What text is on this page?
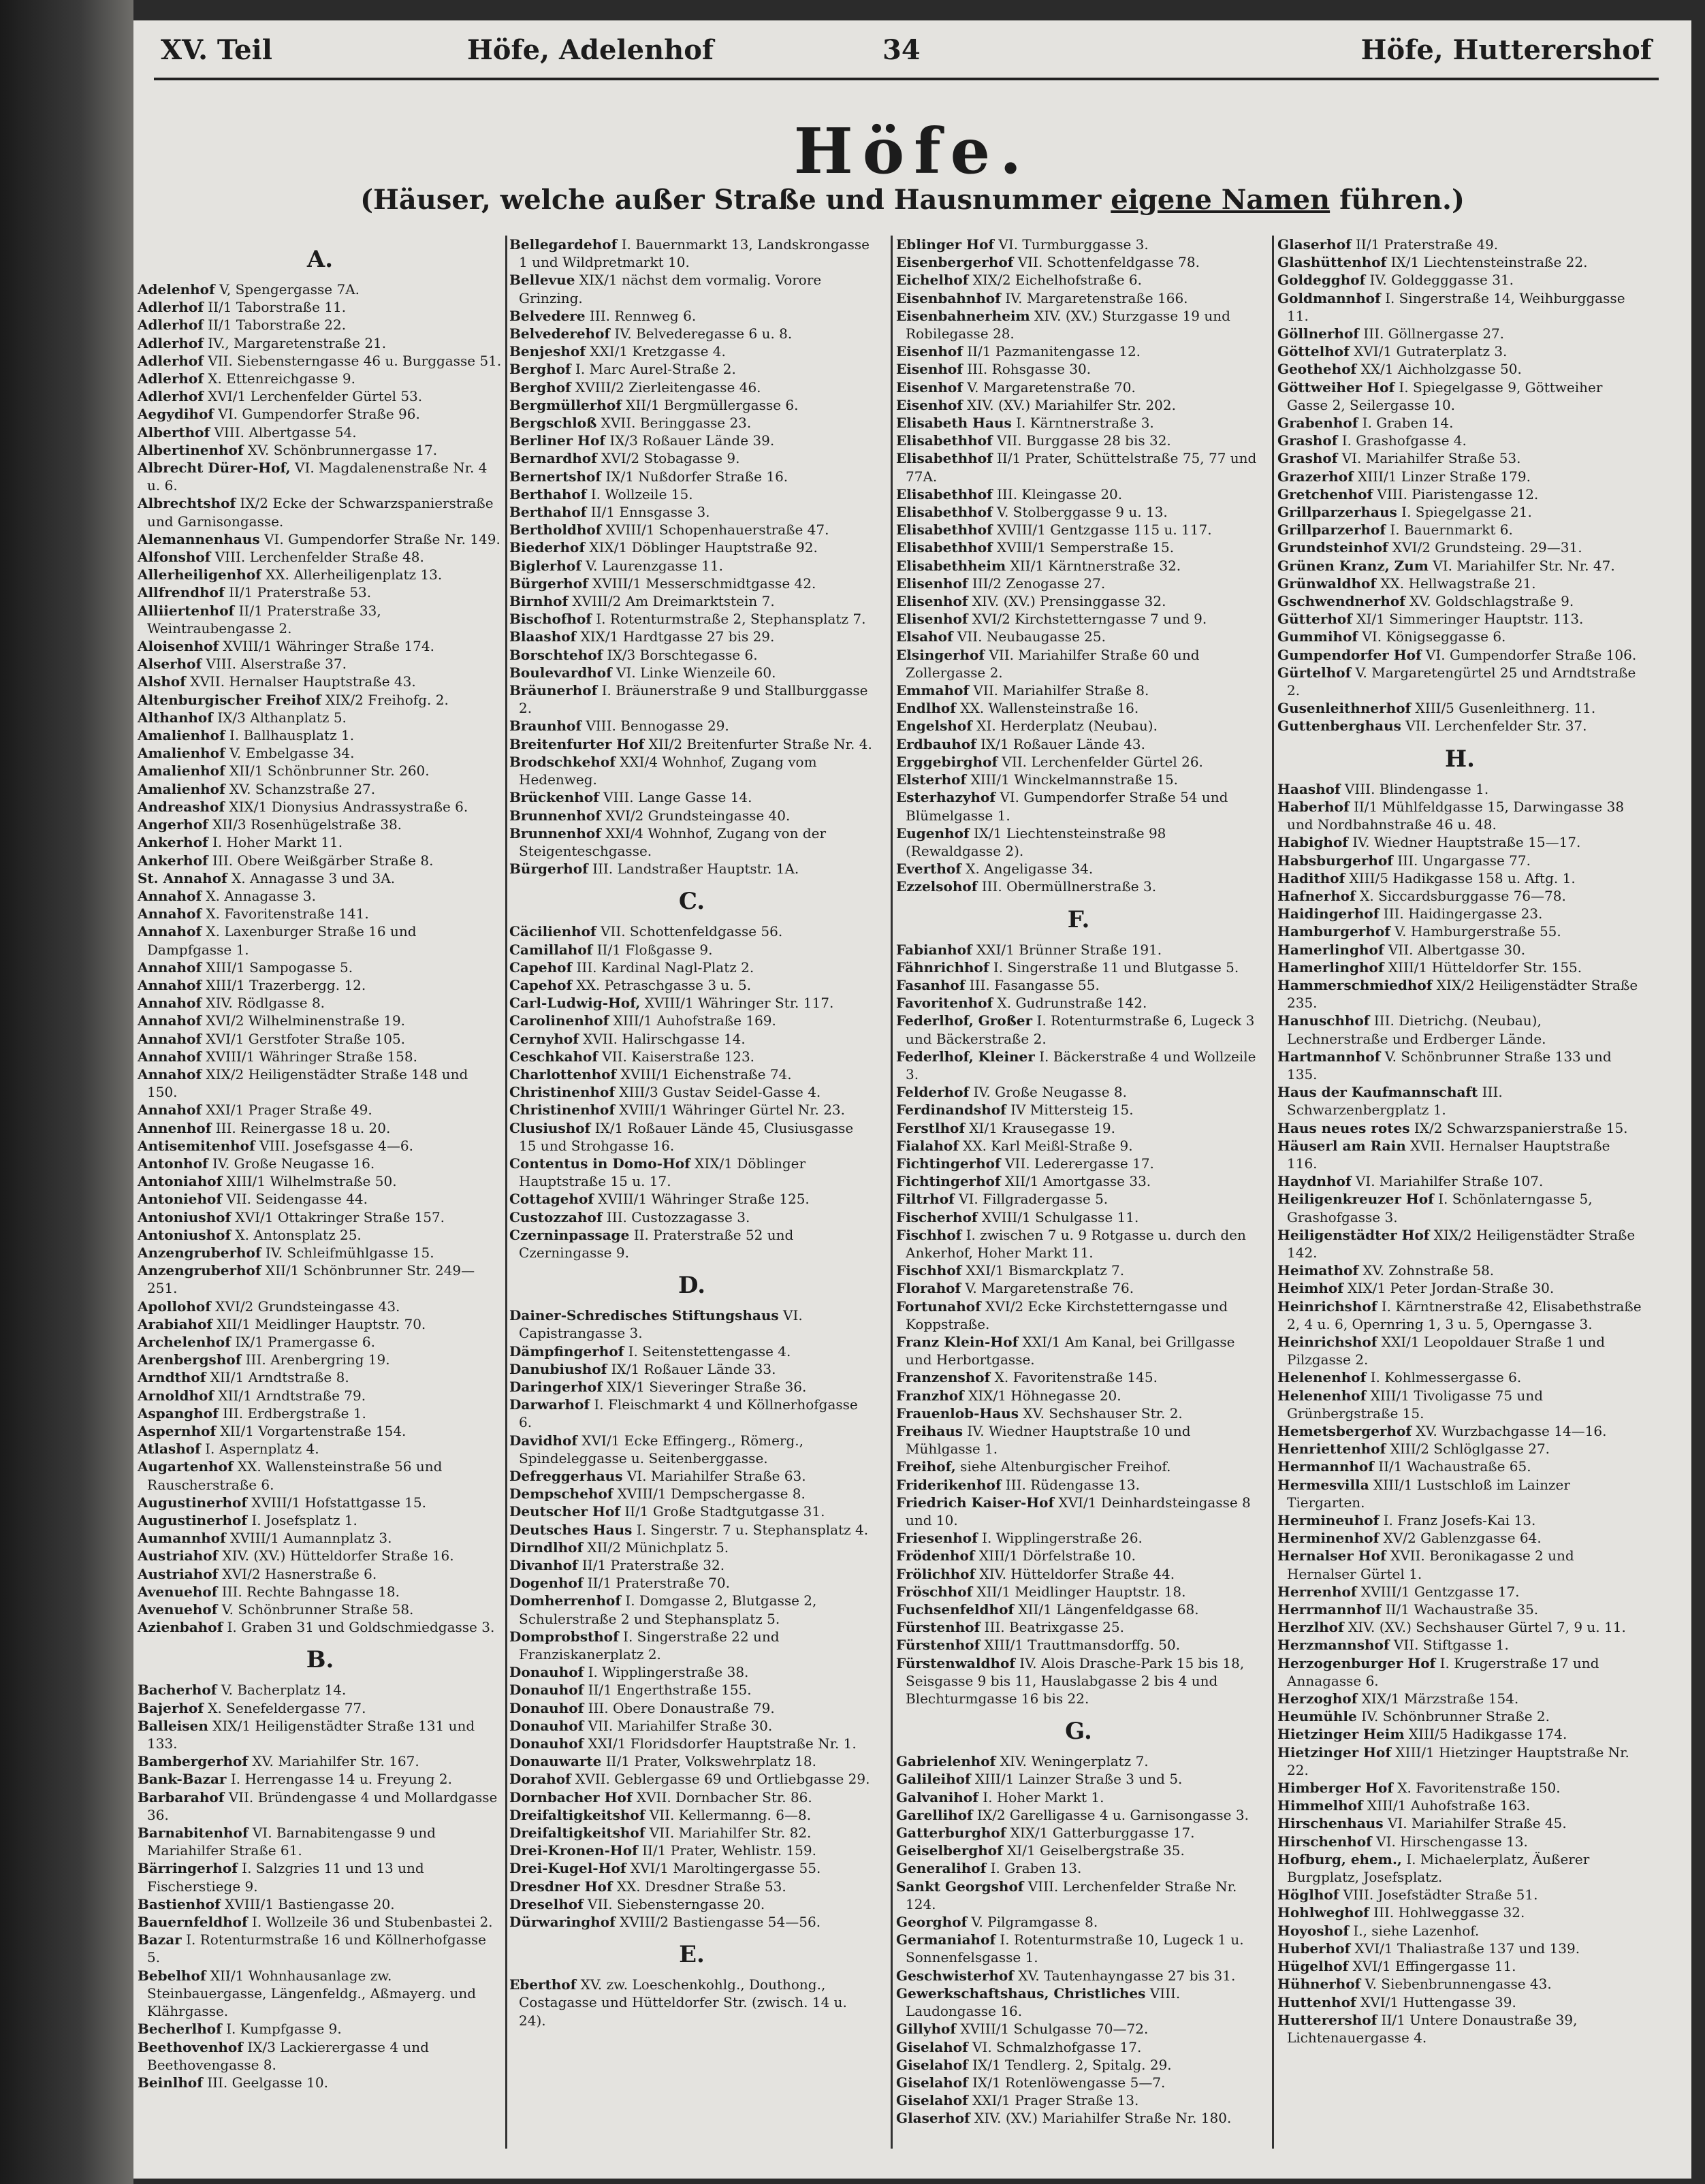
XV. Teil	Höfe, Adelenhof	34	Höfe, Hutterershof
Höfe.
(Häuser, welche außer Straße und Hausnummer eigene Namen führen.)
A.

Adelenhof V, Spengergasse 7A.

Adlerhof II/1 Taborstraße 11.

Adlerhof II/1 Taborstraße 22.

Adlerhof IV., Margaretenstraße 21.

Adlerhof VII. Siebensterngasse 46 u. Burggasse 51.

Adlerhof X. Ettenreichgasse 9.

Adlerhof XVI/1 Lerchenfelder Gürtel 53.

Aegydihof VI. Gumpendorfer Straße 96.

Alberthof VIII. Albertgasse 54.

Albertinenhof XV. Schönbrunnergasse 17.

Albrecht Dürer-Hof, VI. Magdalenenstraße Nr. 4 u. 6.

Albrechtshof IX/2 Ecke der Schwarzspanierstraße und Garnisongasse.

Alemannenhaus VI. Gumpendorfer Straße Nr. 149.

Alfonshof VIII. Lerchenfelder Straße 48.

Allerheiligenhof XX. Allerheiligenplatz 13.

Allfrendhof II/1 Praterstraße 53.

Alliiertenhof II/1 Praterstraße 33, Weintraubengasse 2.

Aloisenhof XVIII/1 Währinger Straße 174.

Alserhof VIII. Alserstraße 37.

Alshof XVII. Hernalser Hauptstraße 43.

Altenburgischer Freihof XIX/2 Freihofg. 2.

Althanhof IX/3 Althanplatz 5.

Amalienhof I. Ballhausplatz 1.

Amalienhof V. Embelgasse 34.

Amalienhof XII/1 Schönbrunner Str. 260.

Amalienhof XV. Schanzstraße 27.

Andreashof XIX/1 Dionysius Andrassystraße 6.

Angerhof XII/3 Rosenhügelstraße 38.

Ankerhof I. Hoher Markt 11.

Ankerhof III. Obere Weißgärber Straße 8.

St. Annahof X. Annagasse 3 und 3A.

Annahof X. Annagasse 3.

Annahof X. Favoritenstraße 141.

Annahof X. Laxenburger Straße 16 und Dampfgasse 1.

Annahof XIII/1 Sampogasse 5.

Annahof XIII/1 Trazerbergg. 12.

Annahof XIV. Rödlgasse 8.

Annahof XVI/2 Wilhelminenstraße 19.

Annahof XVI/1 Gerstfoter Straße 105.

Annahof XVIII/1 Währinger Straße 158.

Annahof XIX/2 Heiligenstädter Straße 148 und 150.

Annahof XXI/1 Prager Straße 49.

Annenhof III. Reinergasse 18 u. 20.

Antisemitenhof VIII. Josefsgasse 4—6.

Antonhof IV. Große Neugasse 16.

Antoniahof XIII/1 Wilhelmstraße 50.

Antoniehof VII. Seidengasse 44.

Antoniushof XVI/1 Ottakringer Straße 157.

Antoniushof X. Antonsplatz 25.

Anzengruberhof IV. Schleifmühlgasse 15.

Anzengruberhof XII/1 Schönbrunner Str. 249—251.

Apollohof XVI/2 Grundsteingasse 43.

Arabiahof XII/1 Meidlinger Hauptstr. 70.

Archelenhof IX/1 Pramergasse 6.

Arenbergshof III. Arenbergring 19.

Arndthof XII/1 Arndtstraße 8.

Arnoldhof XII/1 Arndtstraße 79.

Aspanghof III. Erdbergstraße 1.

Aspernhof XII/1 Vorgartenstraße 154.

Atlashof I. Aspernplatz 4.

Augartenhof XX. Wallensteinstraße 56 und Rauscherstraße 6.

Augustinerhof XVIII/1 Hofstattgasse 15.

Augustinerhof I. Josefsplatz 1.

Aumannhof XVIII/1 Aumannplatz 3.

Austriahof XIV. (XV.) Hütteldorfer Straße 16.

Austriahof XVI/2 Hasnerstraße 6.

Avenuehof III. Rechte Bahngasse 18.

Avenuehof V. Schönbrunner Straße 58.

Azienbahof I. Graben 31 und Goldschmiedgasse 3.

B.

Bacherhof V. Bacherplatz 14.

Bajerhof X. Senefeldergasse 77.

Balleisen XIX/1 Heiligenstädter Straße 131 und 133.

Bambergerhof XV. Mariahilfer Str. 167.

Bank-Bazar I. Herrengasse 14 u. Freyung 2.

Barbarahof VII. Bründengasse 4 und Mollardgasse 36.

Barnabitenhof VI. Barnabitengasse 9 und Mariahilfer Straße 61.

Bärringerhof I. Salzgries 11 und 13 und Fischerstiege 9.

Bastienhof XVIII/1 Bastiengasse 20.

Bauernfeldhof I. Wollzeile 36 und Stubenbastei 2.

Bazar I. Rotenturmstraße 16 und Köllnerhofgasse 5.

Bebelhof XII/1 Wohnhausanlage zw. Steinbauergasse, Längenfeldg., Aßmayerg. und Klährgasse.

Becherlhof I. Kumpfgasse 9.

Beethovenhof IX/3 Lackierergasse 4 und Beethovengasse 8.

Beinlhof III. Geelgasse 10.

Bellegardehof I. Bauernmarkt 13, Landskrongasse 1 und Wildpretmarkt 10.

Bellevue XIX/1 nächst dem vormalig. Vorore Grinzing.

Belvedere III. Rennweg 6.

Belvederehof IV. Belvederegasse 6 u. 8.

Benjeshof XXI/1 Kretzgasse 4.

Berghof I. Marc Aurel-Straße 2.

Berghof XVIII/2 Zierleitengasse 46.

Bergmüllerhof XII/1 Bergmüllergasse 6.

Bergschloß XVII. Beringgasse 23.

Berliner Hof IX/3 Roßauer Lände 39.

Bernardhof XVI/2 Stobagasse 9.

Bernertshof IX/1 Nußdorfer Straße 16.

Berthahof I. Wollzeile 15.

Berthahof II/1 Ennsgasse 3.

Bertholdhof XVIII/1 Schopenhauerstraße 47.

Biederhof XIX/1 Döblinger Hauptstraße 92.

Biglerhof V. Laurenzgasse 11.

Bürgerhof XVIII/1 Messerschmidtgasse 42.

Birnhof XVIII/2 Am Dreimarktstein 7.

Bischofhof I. Rotenturmstraße 2, Stephansplatz 7.

Blaashof XIX/1 Hardtgasse 27 bis 29.

Borschtehof IX/3 Borschtegasse 6.

Boulevardhof VI. Linke Wienzeile 60.

Bräunerhof I. Bräunerstraße 9 und Stallburggasse 2.

Braunhof VIII. Bennogasse 29.

Breitenfurter Hof XII/2 Breitenfurter Straße Nr. 4.

Brodschkehof XXI/4 Wohnhof, Zugang vom Hedenweg.

Brückenhof VIII. Lange Gasse 14.

Brunnenhof XVI/2 Grundsteingasse 40.

Brunnenhof XXI/4 Wohnhof, Zugang von der Steigenteschgasse.

Bürgerhof III. Landstraßer Hauptstr. 1A.

C.

Cäcilienhof VII. Schottenfeldgasse 56.

Camillahof II/1 Floßgasse 9.

Capehof III. Kardinal Nagl-Platz 2.

Capehof XX. Petraschgasse 3 u. 5.

Carl-Ludwig-Hof, XVIII/1 Währinger Str. 117.

Carolinenhof XIII/1 Auhofstraße 169.

Cernyhof XVII. Halirschgasse 14.

Ceschkahof VII. Kaiserstraße 123.

Charlottenhof XVIII/1 Eichenstraße 74.

Christinenhof XIII/3 Gustav Seidel-Gasse 4.

Christinenhof XVIII/1 Währinger Gürtel Nr. 23.

Clusiushof IX/1 Roßauer Lände 45, Clusiusgasse 15 und Strohgasse 16.

Contentus in Domo-Hof XIX/1 Döblinger Hauptstraße 15 u. 17.

Cottagehof XVIII/1 Währinger Straße 125.

Custozzahof III. Custozzagasse 3.

Czerninpassage II. Praterstraße 52 und Czerningasse 9.

D.

Dainer-Schredisches Stiftungshaus VI. Capistrangasse 3.

Dämpfingerhof I. Seitenstettengasse 4.

Danubiushof IX/1 Roßauer Lände 33.

Daringerhof XIX/1 Sieveringer Straße 36.

Darwarhof I. Fleischmarkt 4 und Köllnerhofgasse 6.

Davidhof XVI/1 Ecke Effingerg., Römerg., Spindeleggasse u. Seitenberggasse.

Defreggerhaus VI. Mariahilfer Straße 63.

Dempschehof XVIII/1 Dempschergasse 8.

Deutscher Hof II/1 Große Stadtgutgasse 31.

Deutsches Haus I. Singerstr. 7 u. Stephansplatz 4.

Dirndlhof XII/2 Münichplatz 5.

Divanhof II/1 Praterstraße 32.

Dogenhof II/1 Praterstraße 70.

Domherrenhof I. Domgasse 2, Blutgasse 2, Schulerstraße 2 und Stephansplatz 5.

Domprobsthof I. Singerstraße 22 und Franziskanerplatz 2.

Donauhof I. Wipplingerstraße 38.

Donauhof II/1 Engerthstraße 155.

Donauhof III. Obere Donaustraße 79.

Donauhof VII. Mariahilfer Straße 30.

Donauhof XXI/1 Floridsdorfer Hauptstraße Nr. 1.

Donauwarte II/1 Prater, Volkswehrplatz 18.

Dorahof XVII. Geblergasse 69 und Ortliebgasse 29.

Dornbacher Hof XVII. Dornbacher Str. 86.

Dreifaltigkeitshof VII. Kellermanng. 6—8.

Dreifaltigkeitshof VII. Mariahilfer Str. 82.

Drei-Kronen-Hof II/1 Prater, Wehlistr. 159.

Drei-Kugel-Hof XVI/1 Maroltingergasse 55.

Dresdner Hof XX. Dresdner Straße 53.

Dreselhof VII. Siebensterngasse 20.

Dürwaringhof XVIII/2 Bastiengasse 54—56.

E.

Eberthof XV. zw. Loeschenkohlg., Douthong., Costagasse und Hütteldorfer Str. (zwisch. 14 u. 24).

Eblinger Hof VI. Turmburggasse 3.

Eisenbergerhof VII. Schottenfeldgasse 78.

Eichelhof XIX/2 Eichelhofstraße 6.

Eisenbahnhof IV. Margaretenstraße 166.

Eisenbahnerheim XIV. (XV.) Sturzgasse 19 und Robilegasse 28.

Eisenhof II/1 Pazmanitengasse 12.

Eisenhof III. Rohsgasse 30.

Eisenhof V. Margaretenstraße 70.

Eisenhof XIV. (XV.) Mariahilfer Str. 202.

Elisabeth Haus I. Kärntnerstraße 3.

Elisabethhof VII. Burggasse 28 bis 32.

Elisabethhof II/1 Prater, Schüttelstraße 75, 77 und 77A.

Elisabethhof III. Kleingasse 20.

Elisabethhof V. Stolberggasse 9 u. 13.

Elisabethhof XVIII/1 Gentzgasse 115 u. 117.

Elisabethhof XVIII/1 Semperstraße 15.

Elisabethheim XII/1 Kärntnerstraße 32.

Elisenhof III/2 Zenogasse 27.

Elisenhof XIV. (XV.) Prensinggasse 32.

Elisenhof XVI/2 Kirchstetterngasse 7 und 9.

Elsahof VII. Neubaugasse 25.

Elsingerhof VII. Mariahilfer Straße 60 und Zollergasse 2.

Emmahof VII. Mariahilfer Straße 8.

Endlhof XX. Wallensteinstraße 16.

Engelshof XI. Herderplatz (Neubau).

Erdbauhof IX/1 Roßauer Lände 43.

Erggebirghof VII. Lerchenfelder Gürtel 26.

Elsterhof XIII/1 Winckelmannstraße 15.

Esterhazyhof VI. Gumpendorfer Straße 54 und Blümelgasse 1.

Eugenhof IX/1 Liechtensteinstraße 98 (Rewaldgasse 2).

Everthof X. Angeligasse 34.

Ezzelsohof III. Obermüllnerstraße 3.

F.

Fabianhof XXI/1 Brünner Straße 191.

Fähnrichhof I. Singerstraße 11 und Blutgasse 5.

Fasanhof III. Fasangasse 55.

Favoritenhof X. Gudrunstraße 142.

Federlhof, Großer I. Rotenturmstraße 6, Lugeck 3 und Bäckerstraße 2.

Federlhof, Kleiner I. Bäckerstraße 4 und Wollzeile 3.

Felderhof IV. Große Neugasse 8.

Ferdinandshof IV Mittersteig 15.

Ferstlhof XI/1 Krausegasse 19.

Fialahof XX. Karl Meißl-Straße 9.

Fichtingerhof VII. Lederergasse 17.

Fichtingerhof XII/1 Amortgasse 33.

Filtrhof VI. Fillgradergasse 5.

Fischerhof XVIII/1 Schulgasse 11.

Fischhof I. zwischen 7 u. 9 Rotgasse u. durch den Ankerhof, Hoher Markt 11.

Fischhof XXI/1 Bismarckplatz 7.

Florahof V. Margaretenstraße 76.

Fortunahof XVI/2 Ecke Kirchstetterngasse und Koppstraße.

Franz Klein-Hof XXI/1 Am Kanal, bei Grillgasse und Herbortgasse.

Franzenshof X. Favoritenstraße 145.

Franzhof XIX/1 Höhnegasse 20.

Frauenlob-Haus XV. Sechshauser Str. 2.

Freihaus IV. Wiedner Hauptstraße 10 und Mühlgasse 1.

Freihof, siehe Altenburgischer Freihof.

Friderikenhof III. Rüdengasse 13.

Friedrich Kaiser-Hof XVI/1 Deinhardsteingasse 8 und 10.

Friesenhof I. Wipplingerstraße 26.

Frödenhof XIII/1 Dörfelstraße 10.

Frölichhof XIV. Hütteldorfer Straße 44.

Fröschhof XII/1 Meidlinger Hauptstr. 18.

Fuchsenfeldhof XII/1 Längenfeldgasse 68.

Fürstenhof III. Beatrixgasse 25.

Fürstenhof XIII/1 Trauttmansdorffg. 50.

Fürstenwaldhof IV. Alois Drasche-Park 15 bis 18, Seisgasse 9 bis 11, Hauslabgasse 2 bis 4 und Blechturmgasse 16 bis 22.

G.

Gabrielenhof XIV. Weningerplatz 7.

Galileihof XIII/1 Lainzer Straße 3 und 5.

Galvanihof I. Hoher Markt 1.

Garellihof IX/2 Garelligasse 4 u. Garnisongasse 3.

Gatterburghof XIX/1 Gatterburggasse 17.

Geiselberghof XI/1 Geiselbergstraße 35.

Generalihof I. Graben 13.

Sankt Georgshof VIII. Lerchenfelder Straße Nr. 124.

Georghof V. Pilgramgasse 8.

Germaniahof I. Rotenturmstraße 10, Lugeck 1 u. Sonnenfelsgasse 1.

Geschwisterhof XV. Tautenhayngasse 27 bis 31.

Gewerkschaftshaus, Christliches VIII. Laudongasse 16.

Gillyhof XVIII/1 Schulgasse 70—72.

Giselahof VI. Schmalzhofgasse 17.

Giselahof IX/1 Tendlerg. 2, Spitalg. 29.

Giselahof IX/1 Rotenlöwengasse 5—7.

Giselahof XXI/1 Prager Straße 13.

Glaserhof XIV. (XV.) Mariahilfer Straße Nr. 180.

Glaserhof II/1 Praterstraße 49.

Glashüttenhof IX/1 Liechtensteinstraße 22.

Goldegghof IV. Goldegggasse 31.

Goldmannhof I. Singerstraße 14, Weihburggasse 11.

Göllnerhof III. Göllnergasse 27.

Göttelhof XVI/1 Gutraterplatz 3.

Geothehof XX/1 Aichholzgasse 50.

Göttweiher Hof I. Spiegelgasse 9, Göttweiher Gasse 2, Seilergasse 10.

Grabenhof I. Graben 14.

Grashof I. Grashofgasse 4.

Grashof VI. Mariahilfer Straße 53.

Grazerhof XIII/1 Linzer Straße 179.

Gretchenhof VIII. Piaristengasse 12.

Grillparzerhaus I. Spiegelgasse 21.

Grillparzerhof I. Bauernmarkt 6.

Grundsteinhof XVI/2 Grundsteing. 29—31.

Grünen Kranz, Zum VI. Mariahilfer Str. Nr. 47.

Grünwaldhof XX. Hellwagstraße 21.

Gschwendnerhof XV. Goldschlagstraße 9.

Gütterhof XI/1 Simmeringer Hauptstr. 113.

Gummihof VI. Königseggasse 6.

Gumpendorfer Hof VI. Gumpendorfer Straße 106.

Gürtelhof V. Margaretengürtel 25 und Arndtstraße 2.

Gusenleithnerhof XIII/5 Gusenleithnerg. 11.

Guttenberghaus VII. Lerchenfelder Str. 37.

H.

Haashof VIII. Blindengasse 1.

Haberhof II/1 Mühlfeldgasse 15, Darwingasse 38 und Nordbahnstraße 46 u. 48.

Habighof IV. Wiedner Hauptstraße 15—17.

Habsburgerhof III. Ungargasse 77.

Hadithof XIII/5 Hadikgasse 158 u. Aftg. 1.

Hafnerhof X. Siccardsburggasse 76—78.

Haidingerhof III. Haidingergasse 23.

Hamburgerhof V. Hamburgerstraße 55.

Hamerlinghof VII. Albertgasse 30.

Hamerlinghof XIII/1 Hütteldorfer Str. 155.

Hammerschmiedhof XIX/2 Heiligenstädter Straße 235.

Hanuschhof III. Dietrichg. (Neubau), Lechnerstraße und Erdberger Lände.

Hartmannhof V. Schönbrunner Straße 133 und 135.

Haus der Kaufmannschaft III. Schwarzenbergplatz 1.

Haus neues rotes IX/2 Schwarzspanierstraße 15.

Häuserl am Rain XVII. Hernalser Hauptstraße 116.

Haydnhof VI. Mariahilfer Straße 107.

Heiligenkreuzer Hof I. Schönlaterngasse 5, Grashofgasse 3.

Heiligenstädter Hof XIX/2 Heiligenstädter Straße 142.

Heimathof XV. Zohnstraße 58.

Heimhof XIX/1 Peter Jordan-Straße 30.

Heinrichshof I. Kärntnerstraße 42, Elisabethstraße 2, 4 u. 6, Opernring 1, 3 u. 5, Operngasse 3.

Heinrichshof XXI/1 Leopoldauer Straße 1 und Pilzgasse 2.

Helenenhof I. Kohlmessergasse 6.

Helenenhof XIII/1 Tivoligasse 75 und Grünbergstraße 15.

Hemetsbergerhof XV. Wurzbachgasse 14—16.

Henriettenhof XIII/2 Schlöglgasse 27.

Hermannhof II/1 Wachaustraße 65.

Hermesvilla XIII/1 Lustschloß im Lainzer Tiergarten.

Hermineuhof I. Franz Josefs-Kai 13.

Herminenhof XV/2 Gablenzgasse 64.

Hernalser Hof XVII. Beronikagasse 2 und Hernalser Gürtel 1.

Herrenhof XVIII/1 Gentzgasse 17.

Herrmannhof II/1 Wachaustraße 35.

Herzlhof XIV. (XV.) Sechshauser Gürtel 7, 9 u. 11.

Herzmannshof VII. Stiftgasse 1.

Herzogenburger Hof I. Krugerstraße 17 und Annagasse 6.

Herzoghof XIX/1 Märzstraße 154.

Heumühle IV. Schönbrunner Straße 2.

Hietzinger Heim XIII/5 Hadikgasse 174.

Hietzinger Hof XIII/1 Hietzinger Hauptstraße Nr. 22.

Himberger Hof X. Favoritenstraße 150.

Himmelhof XIII/1 Auhofstraße 163.

Hirschenhaus VI. Mariahilfer Straße 45.

Hirschenhof VI. Hirschengasse 13.

Hofburg, ehem., I. Michaelerplatz, Äußerer Burgplatz, Josefsplatz.

Höglhof VIII. Josefstädter Straße 51.

Hohlweghof III. Hohlweggasse 32.

Hoyoshof I., siehe Lazenhof.

Huberhof XVI/1 Thaliastraße 137 und 139.

Hügelhof XVI/1 Effingergasse 11.

Hühnerhof V. Siebenbrunnengasse 43.

Huttenhof XVI/1 Huttengasse 39.

Hutterershof II/1 Untere Donaustraße 39, Lichtenauergasse 4.
